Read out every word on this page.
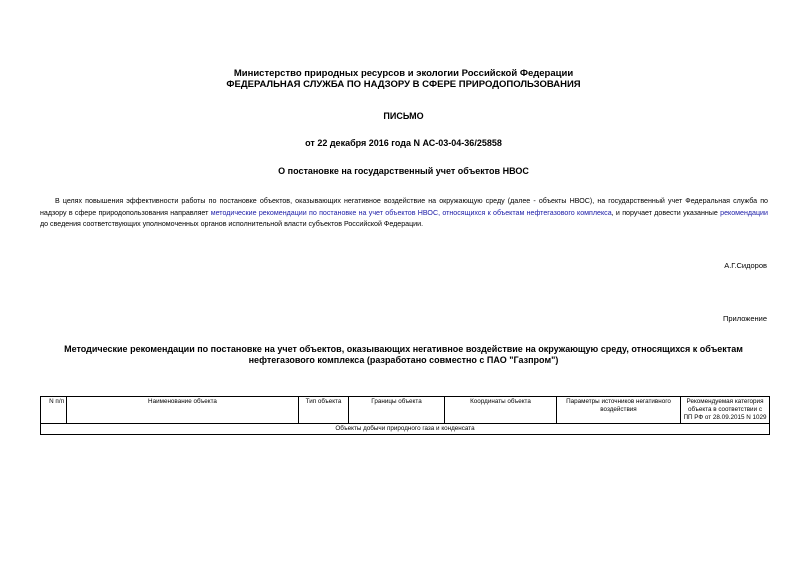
Министерство природных ресурсов и экологии Российской Федерации
ФЕДЕРАЛЬНАЯ СЛУЖБА ПО НАДЗОРУ В СФЕРЕ ПРИРОДОПОЛЬЗОВАНИЯ
ПИСЬМО
от 22 декабря 2016 года N АС-03-04-36/25858
О постановке на государственный учет объектов НВОС
В целях повышения эффективности работы по постановке объектов, оказывающих негативное воздействие на окружающую среду (далее - объекты НВОС), на государственный учет Федеральная служба по надзору в сфере природопользования направляет методические рекомендации по постановке на учет объектов НВОС, относящихся к объектам нефтегазового комплекса, и поручает довести указанные рекомендации до сведения соответствующих уполномоченных органов исполнительной власти субъектов Российской Федерации.
А.Г.Сидоров
Приложение
Методические рекомендации по постановке на учет объектов, оказывающих негативное воздействие на окружающую среду, относящихся к объектам нефтегазового комплекса (разработано совместно с ПАО "Газпром")
N п/п	Наименование объекта	Тип объекта	Границы объекта	Координаты объекта	Параметры источников негативного воздействия	Рекомендуемая категория объекта в соответствии с ПП РФ от 28.09.2015 N 1029
Объекты добычи природного газа и конденсата
